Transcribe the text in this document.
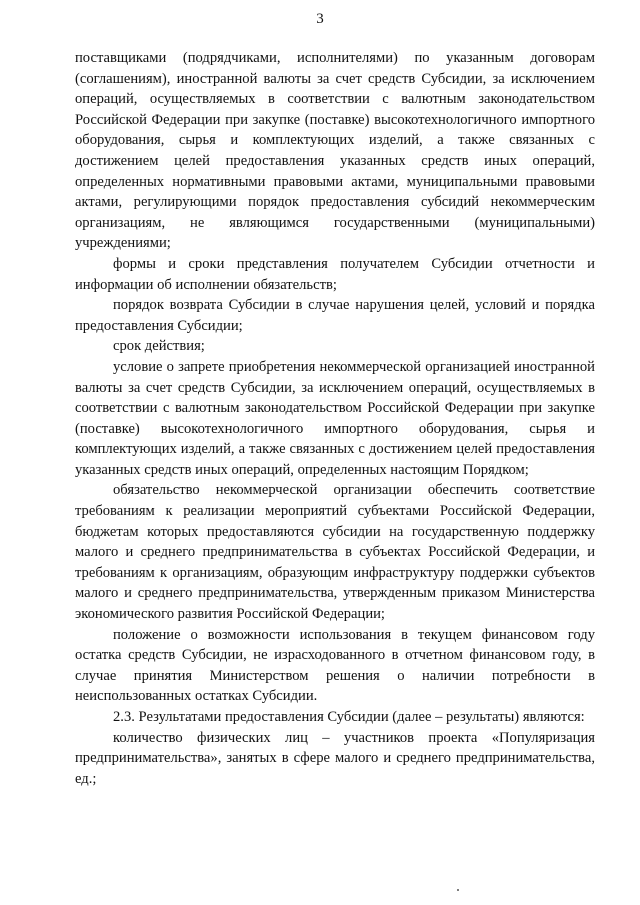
3

поставщиками (подрядчиками, исполнителями) по указанным договорам (соглашениям), иностранной валюты за счет средств Субсидии, за исключением операций, осуществляемых в соответствии с валютным законодательством Российской Федерации при закупке (поставке) высокотехнологичного импортного оборудования, сырья и комплектующих изделий, а также связанных с достижением целей предоставления указанных средств иных операций, определенных нормативными правовыми актами, муниципальными правовыми актами, регулирующими порядок предоставления субсидий некоммерческим организациям, не являющимся государственными (муниципальными) учреждениями;

формы и сроки представления получателем Субсидии отчетности и информации об исполнении обязательств;

порядок возврата Субсидии в случае нарушения целей, условий и порядка предоставления Субсидии;

срок действия;

условие о запрете приобретения некоммерческой организацией иностранной валюты за счет средств Субсидии, за исключением операций, осуществляемых в соответствии с валютным законодательством Российской Федерации при закупке (поставке) высокотехнологичного импортного оборудования, сырья и комплектующих изделий, а также связанных с достижением целей предоставления указанных средств иных операций, определенных настоящим Порядком;

обязательство некоммерческой организации обеспечить соответствие требованиям к реализации мероприятий субъектами Российской Федерации, бюджетам которых предоставляются субсидии на государственную поддержку малого и среднего предпринимательства в субъектах Российской Федерации, и требованиям к организациям, образующим инфраструктуру поддержки субъектов малого и среднего предпринимательства, утвержденным приказом Министерства экономического развития Российской Федерации;

положение о возможности использования в текущем финансовом году остатка средств Субсидии, не израсходованного в отчетном финансовом году, в случае принятия Министерством решения о наличии потребности в неиспользованных остатках Субсидии.

2.3. Результатами предоставления Субсидии (далее – результаты) являются:

количество физических лиц – участников проекта «Популяризация предпринимательства», занятых в сфере малого и среднего предпринимательства, ед.;
